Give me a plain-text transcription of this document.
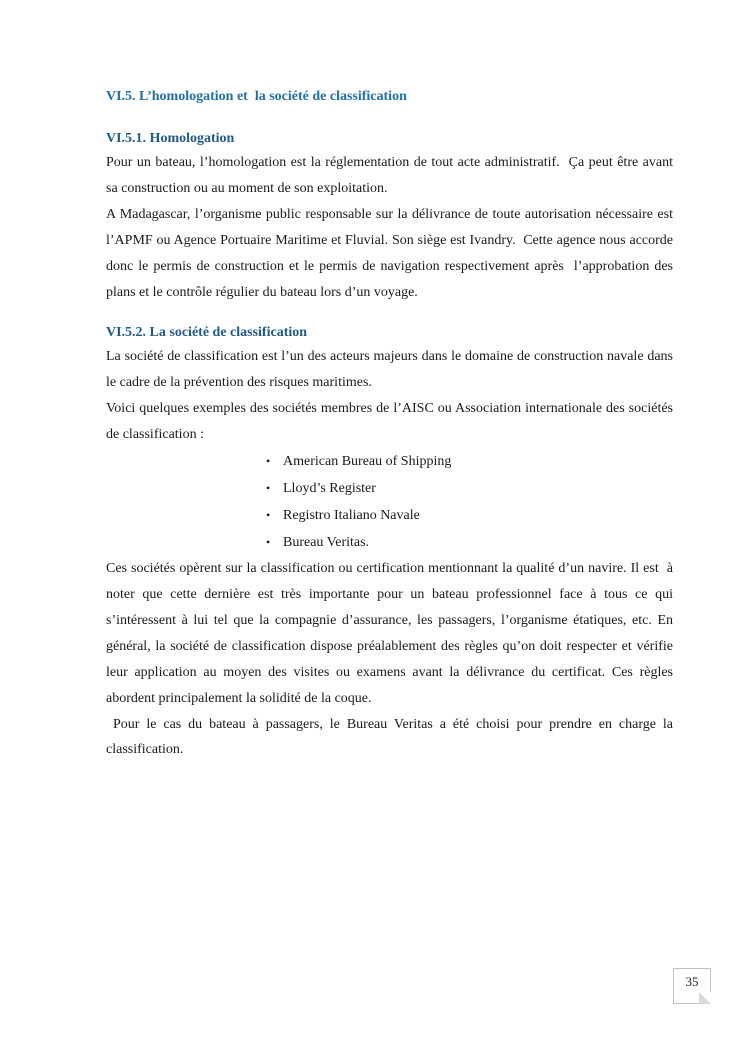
VI.5. L’homologation et  la société de classification
VI.5.1. Homologation

Pour un bateau, l’homologation est la réglementation de tout acte administratif.  Ça peut être avant sa construction ou au moment de son exploitation.

A Madagascar, l’organisme public responsable sur la délivrance de toute autorisation nécessaire est l’APMF ou Agence Portuaire Maritime et Fluvial. Son siège est Ivandry.  Cette agence nous accorde donc le permis de construction et le permis de navigation respectivement après  l’approbation des plans et le contrôle régulier du bateau lors d’un voyage.

VI.5.2. La société de classification

La société de classification est l’un des acteurs majeurs dans le domaine de construction navale dans le cadre de la prévention des risques maritimes.

Voici quelques exemples des sociétés membres de l’AISC ou Association internationale des sociétés de classification :

• American Bureau of Shipping
• Lloyd’s Register
• Registro Italiano Navale
• Bureau Veritas.

Ces sociétés opèrent sur la classification ou certification mentionnant la qualité d’un navire. Il est  à noter que cette dernière est très importante pour un bateau professionnel face à tous ce qui s’intéressent à lui tel que la compagnie d’assurance, les passagers, l’organisme étatiques, etc. En général, la société de classification dispose préalablement des règles qu’on doit respecter et vérifie leur application au moyen des visites ou examens avant la délivrance du certificat. Ces règles abordent principalement la solidité de la coque.

Pour le cas du bateau à passagers, le Bureau Veritas a été choisi pour prendre en charge la classification.

35
